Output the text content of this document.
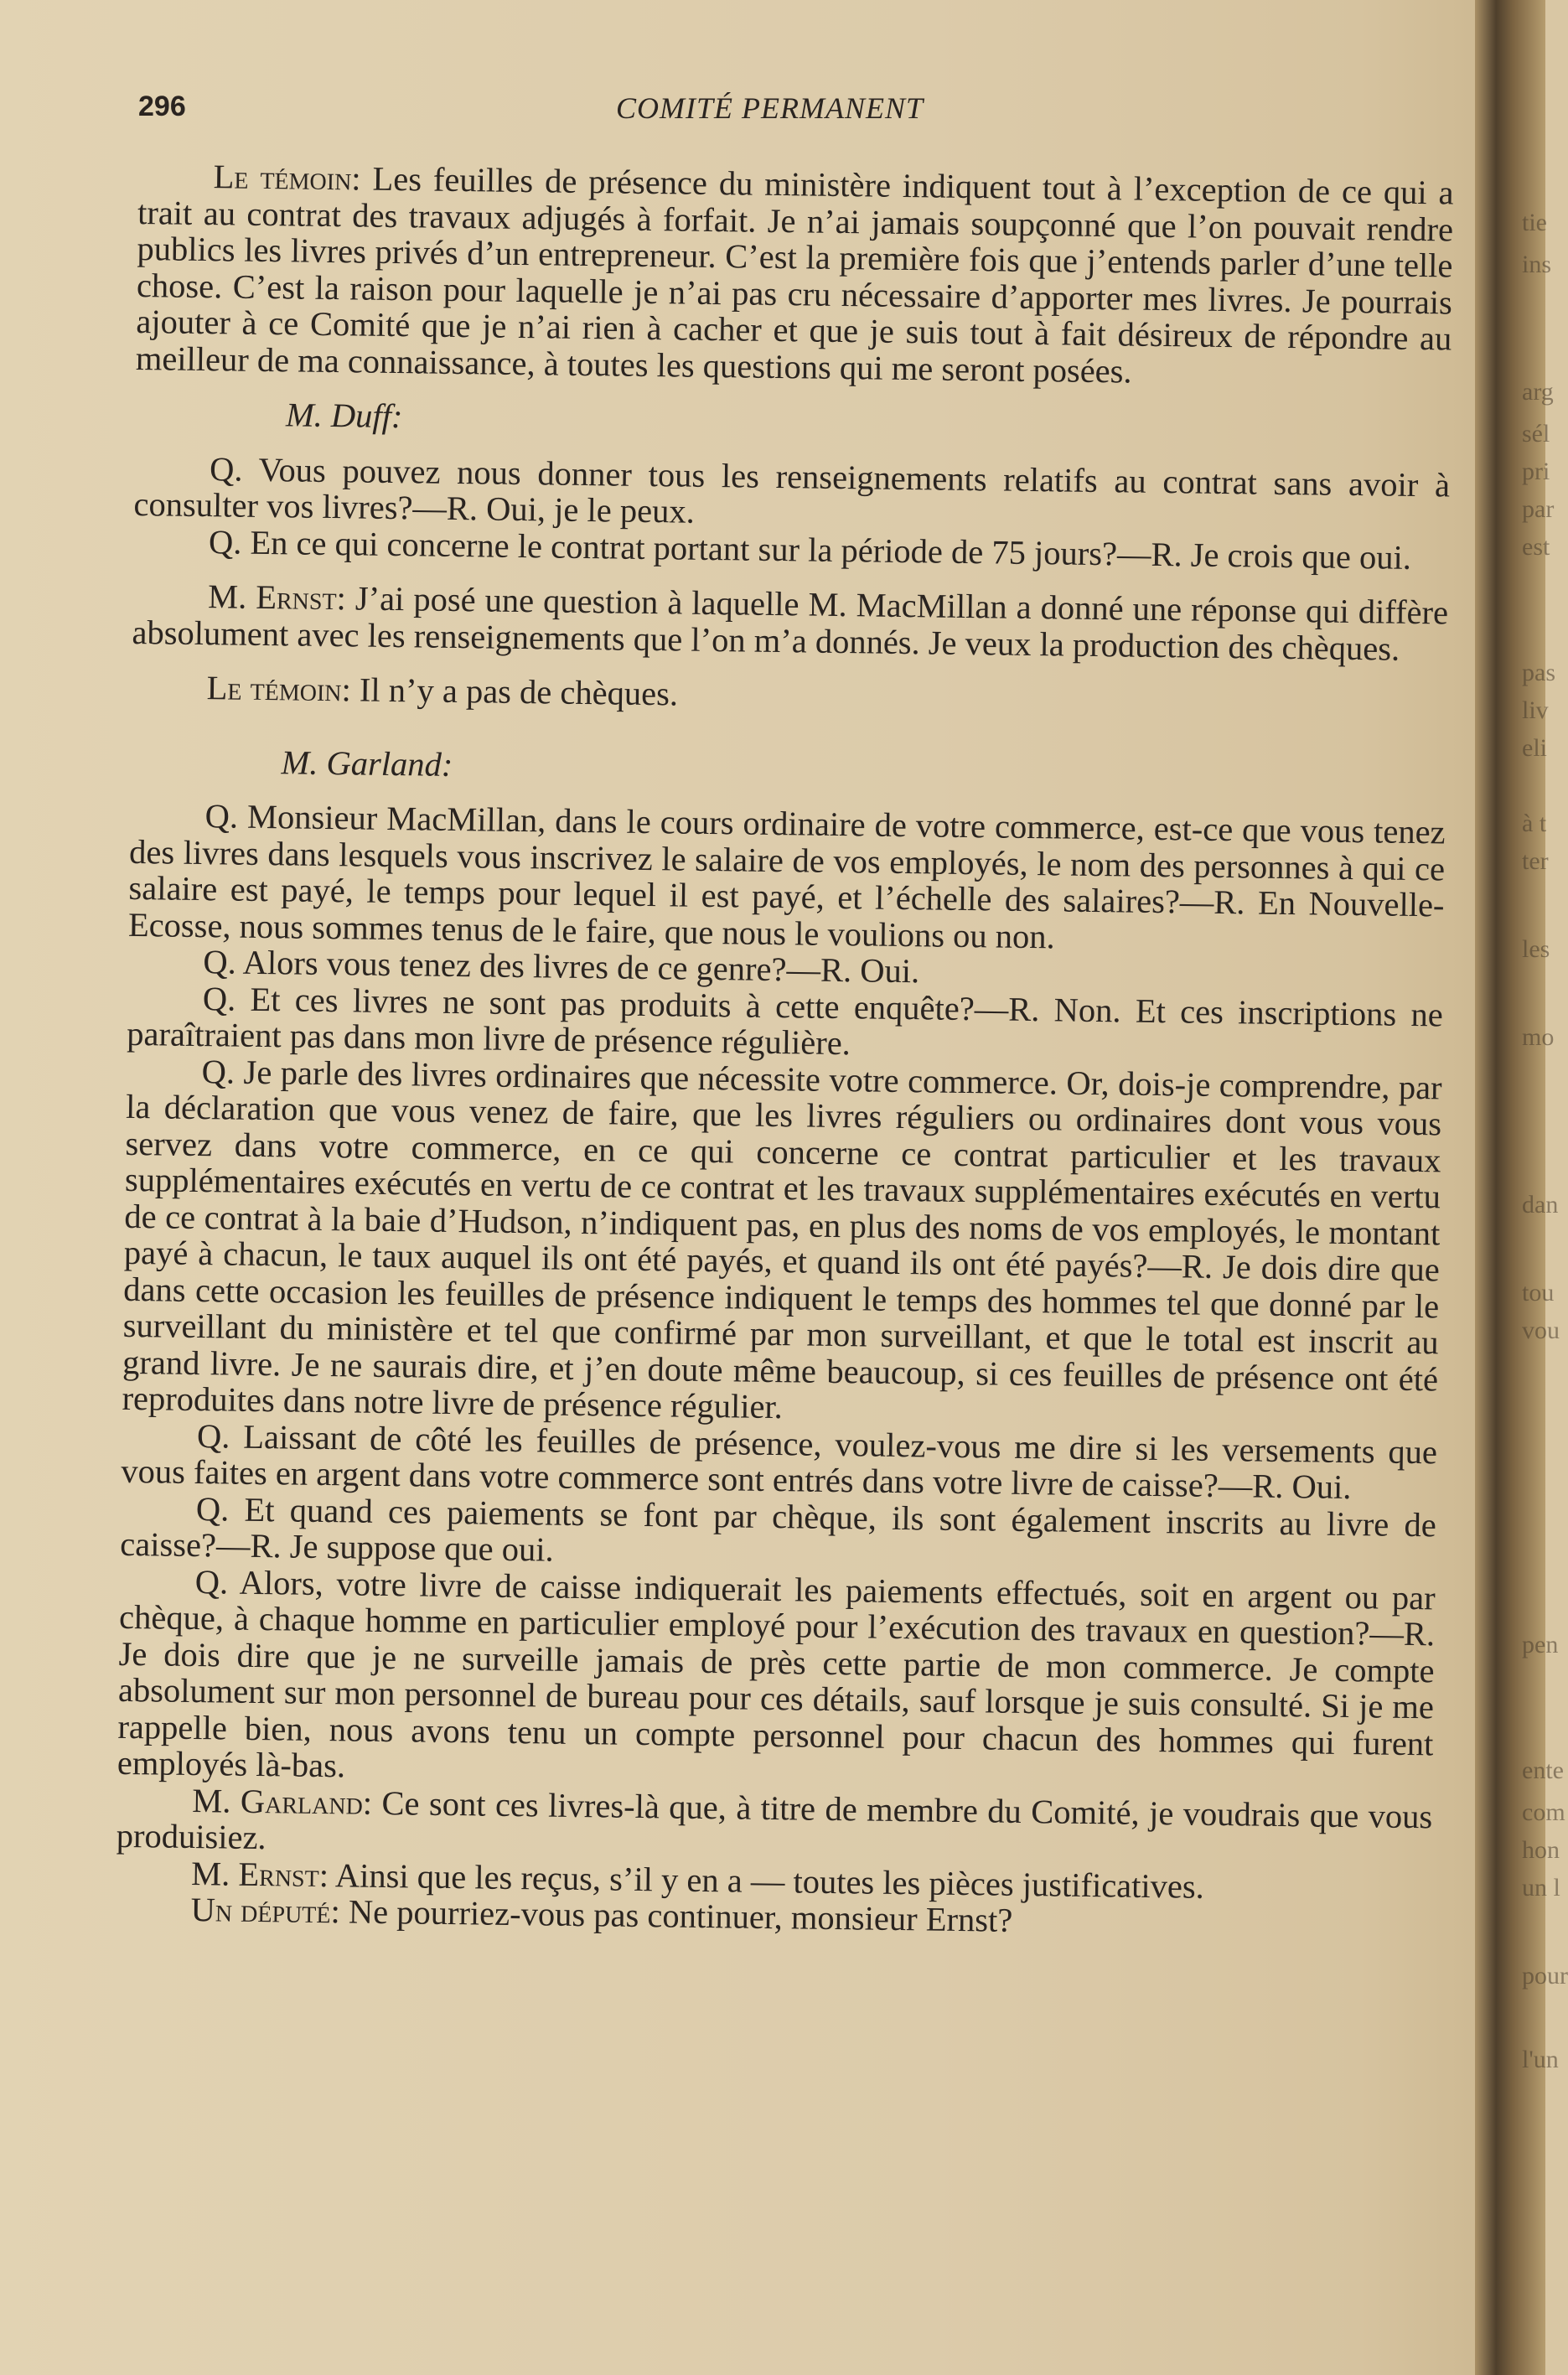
296	COMITÉ PERMANENT

Le témoin: Les feuilles de présence du ministère indiquent tout à l’exception de ce qui a trait au contrat des travaux adjugés à forfait. Je n’ai jamais soupçonné que l’on pouvait rendre publics les livres privés d’un entrepreneur. C’est la première fois que j’entends parler d’une telle chose. C’est la raison pour laquelle je n’ai pas cru nécessaire d’apporter mes livres. Je pourrais ajouter à ce Comité que je n’ai rien à cacher et que je suis tout à fait désireux de répondre au meilleur de ma connaissance, à toutes les questions qui me seront posées.

M. Duff:

Q. Vous pouvez nous donner tous les renseignements relatifs au contrat sans avoir à consulter vos livres?—R. Oui, je le peux.

Q. En ce qui concerne le contrat portant sur la période de 75 jours?—R. Je crois que oui.

M. Ernst: J’ai posé une question à laquelle M. MacMillan a donné une réponse qui diffère absolument avec les renseignements que l’on m’a donnés. Je veux la production des chèques.

Le témoin: Il n’y a pas de chèques.

M. Garland:

Q. Monsieur MacMillan, dans le cours ordinaire de votre commerce, est-ce que vous tenez des livres dans lesquels vous inscrivez le salaire de vos employés, le nom des personnes à qui ce salaire est payé, le temps pour lequel il est payé, et l’échelle des salaires?—R. En Nouvelle-Ecosse, nous sommes tenus de le faire, que nous le voulions ou non.

Q. Alors vous tenez des livres de ce genre?—R. Oui.

Q. Et ces livres ne sont pas produits à cette enquête?—R. Non. Et ces inscriptions ne paraîtraient pas dans mon livre de présence régulière.

Q. Je parle des livres ordinaires que nécessite votre commerce. Or, dois-je comprendre, par la déclaration que vous venez de faire, que les livres réguliers ou ordinaires dont vous vous servez dans votre commerce, en ce qui concerne ce contrat particulier et les travaux supplémentaires exécutés en vertu de ce contrat et les travaux supplémentaires exécutés en vertu de ce contrat à la baie d’Hudson, n’indiquent pas, en plus des noms de vos employés, le montant payé à chacun, le taux auquel ils ont été payés, et quand ils ont été payés?—R. Je dois dire que dans cette occasion les feuilles de présence indiquent le temps des hommes tel que donné par le surveillant du ministère et tel que confirmé par mon surveillant, et que le total est inscrit au grand livre. Je ne saurais dire, et j’en doute même beaucoup, si ces feuilles de présence ont été reproduites dans notre livre de présence régulier.

Q. Laissant de côté les feuilles de présence, voulez-vous me dire si les versements que vous faites en argent dans votre commerce sont entrés dans votre livre de caisse?—R. Oui.

Q. Et quand ces paiements se font par chèque, ils sont également inscrits au livre de caisse?—R. Je suppose que oui.

Q. Alors, votre livre de caisse indiquerait les paiements effectués, soit en argent ou par chèque, à chaque homme en particulier employé pour l’exécution des travaux en question?—R. Je dois dire que je ne surveille jamais de près cette partie de mon commerce. Je compte absolument sur mon personnel de bureau pour ces détails, sauf lorsque je suis consulté. Si je me rappelle bien, nous avons tenu un compte personnel pour chacun des hommes qui furent employés là-bas.

M. Garland: Ce sont ces livres-là que, à titre de membre du Comité, je voudrais que vous produisiez.

M. Ernst: Ainsi que les reçus, s’il y en a — toutes les pièces justificatives.

Un député: Ne pourriez-vous pas continuer, monsieur Ernst?

tie
ins
arg
sél
pri
par
est
pas
liv
eli
à t
ter
les
mo
dan
tou
vou
pen
ente
com
hon
un l
pour
l'un
